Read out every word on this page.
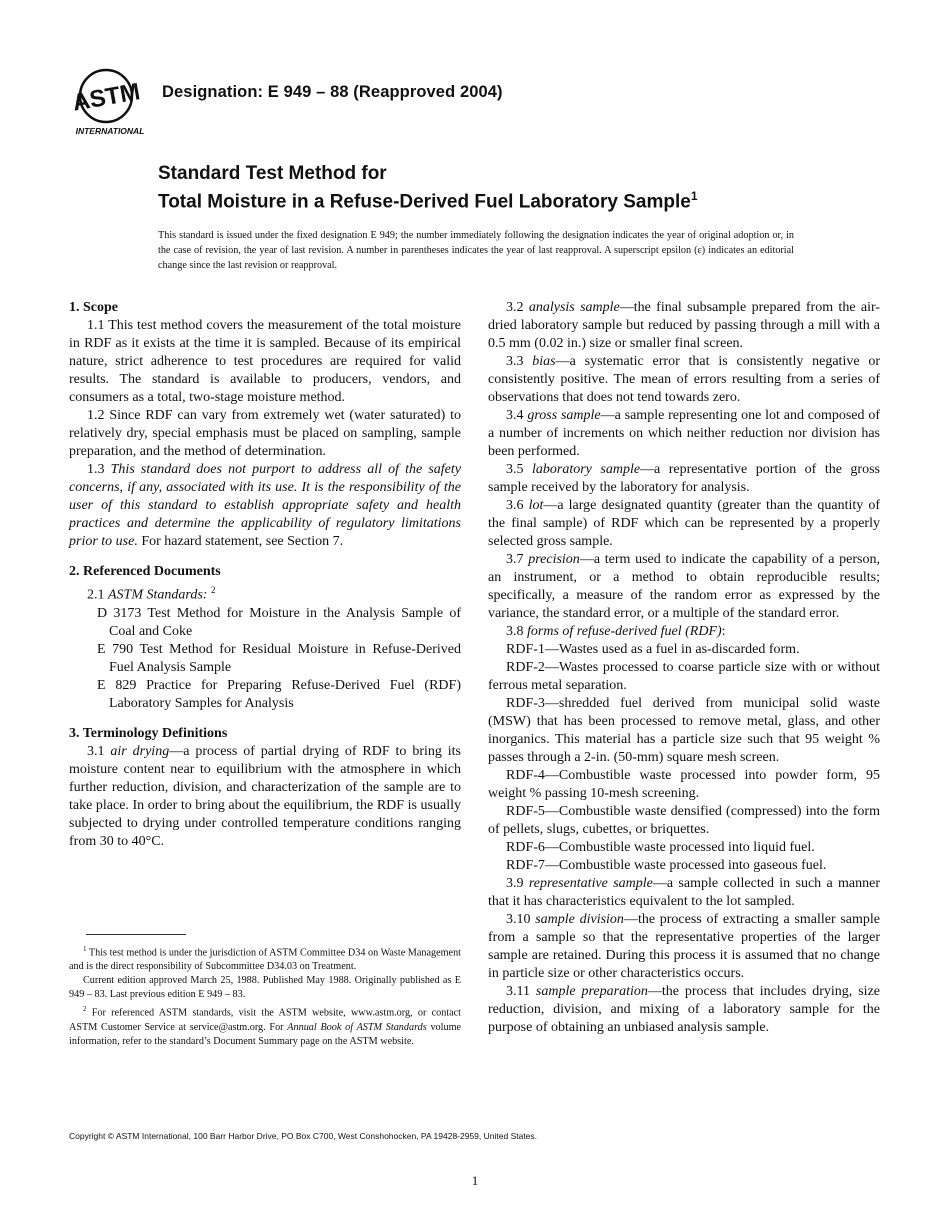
ASTM
INTERNATIONAL
Designation: E 949 – 88 (Reapproved 2004)
Standard Test Method for
Total Moisture in a Refuse-Derived Fuel Laboratory Sample$^1$
This standard is issued under the fixed designation E 949; the number immediately following the designation indicates the year of original adoption or, in the case of revision, the year of last revision. A number in parentheses indicates the year of last reapproval. A superscript epsilon (ε) indicates an editorial change since the last revision or reapproval.
1. Scope

1.1 This test method covers the measurement of the total moisture in RDF as it exists at the time it is sampled. Because of its empirical nature, strict adherence to test procedures are required for valid results. The standard is available to producers, vendors, and consumers as a total, two-stage moisture method.

1.2 Since RDF can vary from extremely wet (water saturated) to relatively dry, special emphasis must be placed on sampling, sample preparation, and the method of determination.

1.3 This standard does not purport to address all of the safety concerns, if any, associated with its use. It is the responsibility of the user of this standard to establish appropriate safety and health practices and determine the applicability of regulatory limitations prior to use. For hazard statement, see Section 7.

2. Referenced Documents

2.1 ASTM Standards: $^2$

D 3173 Test Method for Moisture in the Analysis Sample of Coal and Coke

E 790 Test Method for Residual Moisture in Refuse-Derived Fuel Analysis Sample

E 829 Practice for Preparing Refuse-Derived Fuel (RDF) Laboratory Samples for Analysis

3. Terminology Definitions

3.1 air drying—a process of partial drying of RDF to bring its moisture content near to equilibrium with the atmosphere in which further reduction, division, and characterization of the sample are to take place. In order to bring about the equilibrium, the RDF is usually subjected to drying under controlled temperature conditions ranging from 30 to 40°C.

3.2 analysis sample—the final subsample prepared from the air-dried laboratory sample but reduced by passing through a mill with a 0.5 mm (0.02 in.) size or smaller final screen.

3.3 bias—a systematic error that is consistently negative or consistently positive. The mean of errors resulting from a series of observations that does not tend towards zero.

3.4 gross sample—a sample representing one lot and composed of a number of increments on which neither reduction nor division has been performed.

3.5 laboratory sample—a representative portion of the gross sample received by the laboratory for analysis.

3.6 lot—a large designated quantity (greater than the quantity of the final sample) of RDF which can be represented by a properly selected gross sample.

3.7 precision—a term used to indicate the capability of a person, an instrument, or a method to obtain reproducible results; specifically, a measure of the random error as expressed by the variance, the standard error, or a multiple of the standard error.

3.8 forms of refuse-derived fuel (RDF):

RDF-1—Wastes used as a fuel in as-discarded form.

RDF-2—Wastes processed to coarse particle size with or without ferrous metal separation.

RDF-3—shredded fuel derived from municipal solid waste (MSW) that has been processed to remove metal, glass, and other inorganics. This material has a particle size such that 95 weight % passes through a 2-in. (50-mm) square mesh screen.

RDF-4—Combustible waste processed into powder form, 95 weight % passing 10-mesh screening.

RDF-5—Combustible waste densified (compressed) into the form of pellets, slugs, cubettes, or briquettes.

RDF-6—Combustible waste processed into liquid fuel.

RDF-7—Combustible waste processed into gaseous fuel.

3.9 representative sample—a sample collected in such a manner that it has characteristics equivalent to the lot sampled.

3.10 sample division—the process of extracting a smaller sample from a sample so that the representative properties of the larger sample are retained. During this process it is assumed that no change in particle size or other characteristics occurs.

3.11 sample preparation—the process that includes drying, size reduction, division, and mixing of a laboratory sample for the purpose of obtaining an unbiased analysis sample.

$^1$ This test method is under the jurisdiction of ASTM Committee D34 on Waste Management and is the direct responsibility of Subcommittee D34.03 on Treatment.

Current edition approved March 25, 1988. Published May 1988. Originally published as E 949 – 83. Last previous edition E 949 – 83.

$^2$ For referenced ASTM standards, visit the ASTM website, www.astm.org, or contact ASTM Customer Service at service@astm.org. For Annual Book of ASTM Standards volume information, refer to the standard’s Document Summary page on the ASTM website.

Copyright © ASTM International, 100 Barr Harbor Drive, PO Box C700, West Conshohocken, PA 19428-2959, United States.
1
